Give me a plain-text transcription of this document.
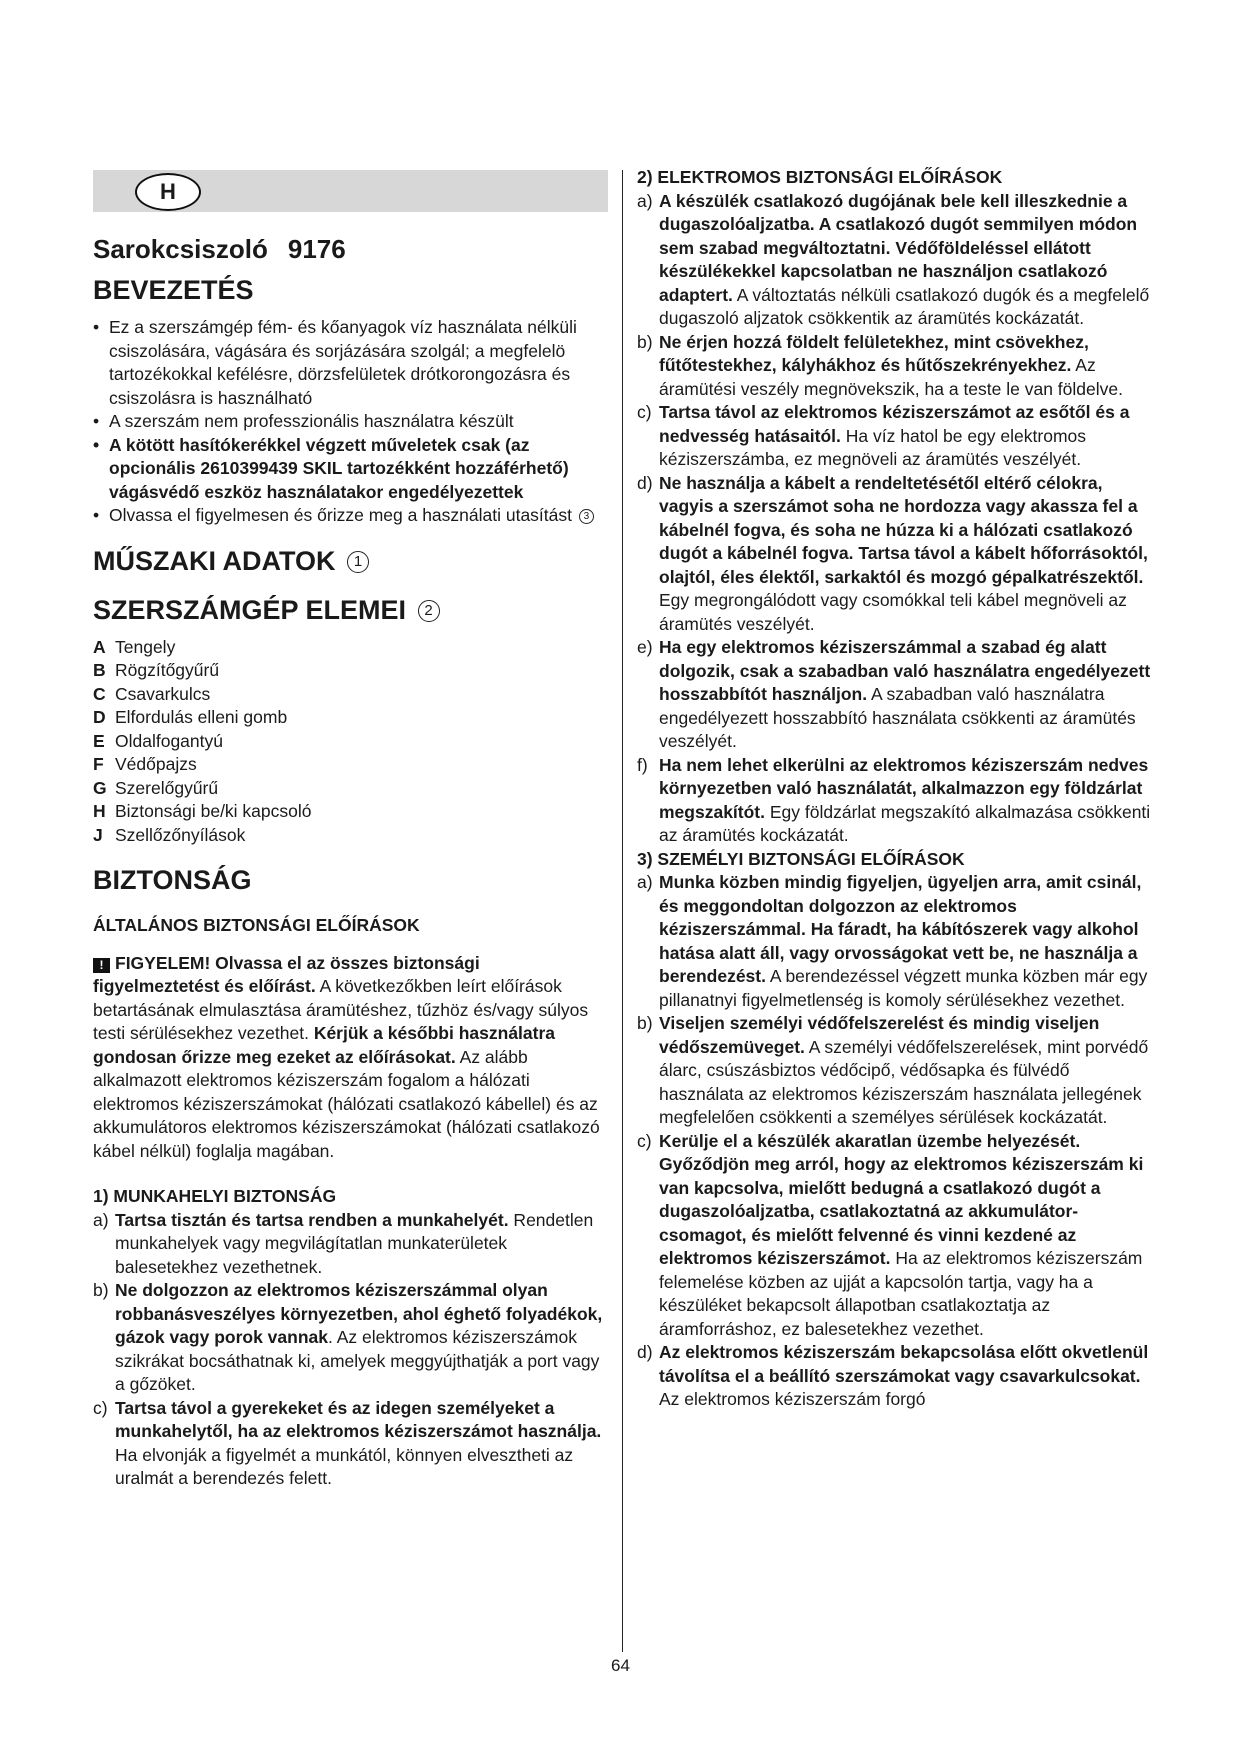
H
Sarokcsiszoló 9176
BEVEZETÉS
• Ez a szerszámgép fém- és kőanyagok víz használata nélküli csiszolására, vágására és sorjázására szolgál; a megfelelö tartozékokkal kefélésre, dörzsfelületek drótkorongozásra és csiszolásra is használható
• A szerszám nem professzionális használatra készült
• A kötött hasítókerékkel végzett műveletek csak (az opcionális 2610399439 SKIL tartozékként hozzáférhető) vágásvédő eszköz használatakor engedélyezettek
• Olvassa el figyelmesen és őrizze meg a használati utasítást 3
MŰSZAKI ADATOK 1
SZERSZÁMGÉP ELEMEI 2
A Tengely
B Rögzítőgyűrű
C Csavarkulcs
D Elfordulás elleni gomb
E Oldalfogantyú
F Védőpajzs
G Szerelőgyűrű
H Biztonsági be/ki kapcsoló
J Szellőzőnyílások
BIZTONSÁG
ÁLTALÁNOS BIZTONSÁGI ELŐÍRÁSOK

! FIGYELEM! Olvassa el az összes biztonsági figyelmeztetést és előírást. A következőkben leírt előírások betartásának elmulasztása áramütéshez, tűzhöz és/vagy súlyos testi sérülésekhez vezethet. Kérjük a későbbi használatra gondosan őrizze meg ezeket az előírásokat. Az alább alkalmazott elektromos kéziszerszám fogalom a hálózati elektromos kéziszerszámokat (hálózati csatlakozó kábellel) és az akkumulátoros elektromos kéziszerszámokat (hálózati csatlakozó kábel nélkül) foglalja magában.

1) MUNKAHELYI BIZTONSÁG
a) Tartsa tisztán és tartsa rendben a munkahelyét. Rendetlen munkahelyek vagy megvilágítatlan munkaterületek balesetekhez vezethetnek.
b) Ne dolgozzon az elektromos kéziszerszámmal olyan robbanásveszélyes környezetben, ahol éghető folyadékok, gázok vagy porok vannak. Az elektromos kéziszerszámok szikrákat bocsáthatnak ki, amelyek meggyújthatják a port vagy a gőzöket.
c) Tartsa távol a gyerekeket és az idegen személyeket a munkahelytől, ha az elektromos kéziszerszámot használja. Ha elvonják a figyelmét a munkától, könnyen elvesztheti az uralmát a berendezés felett.
2) ELEKTROMOS BIZTONSÁGI ELŐÍRÁSOK
a) A készülék csatlakozó dugójának bele kell illeszkednie a dugaszolóaljzatba. A csatlakozó dugót semmilyen módon sem szabad megváltoztatni. Védőföldeléssel ellátott készülékekkel kapcsolatban ne használjon csatlakozó adaptert. A változtatás nélküli csatlakozó dugók és a megfelelő dugaszoló aljzatok csökkentik az áramütés kockázatát.
b) Ne érjen hozzá földelt felületekhez, mint csövekhez, fűtőtestekhez, kályhákhoz és hűtőszekrényekhez. Az áramütési veszély megnövekszik, ha a teste le van földelve.
c) Tartsa távol az elektromos kéziszerszámot az esőtől és a nedvesség hatásaitól. Ha víz hatol be egy elektromos kéziszerszámba, ez megnöveli az áramütés veszélyét.
d) Ne használja a kábelt a rendeltetésétől eltérő célokra, vagyis a szerszámot soha ne hordozza vagy akassza fel a kábelnél fogva, és soha ne húzza ki a hálózati csatlakozó dugót a kábelnél fogva. Tartsa távol a kábelt hőforrásoktól, olajtól, éles élektől, sarkaktól és mozgó gépalkatrészektől. Egy megrongálódott vagy csomókkal teli kábel megnöveli az áramütés veszélyét.
e) Ha egy elektromos kéziszerszámmal a szabad ég alatt dolgozik, csak a szabadban való használatra engedélyezett hosszabbítót használjon. A szabadban való használatra engedélyezett hosszabbító használata csökkenti az áramütés veszélyét.
f) Ha nem lehet elkerülni az elektromos kéziszerszám nedves környezetben való használatát, alkalmazzon egy földzárlat megszakítót. Egy földzárlat megszakító alkalmazása csökkenti az áramütés kockázatát.
3) SZEMÉLYI BIZTONSÁGI ELŐÍRÁSOK
a) Munka közben mindig figyeljen, ügyeljen arra, amit csinál, és meggondoltan dolgozzon az elektromos kéziszerszámmal. Ha fáradt, ha kábítószerek vagy alkohol hatása alatt áll, vagy orvosságokat vett be, ne használja a berendezést. A berendezéssel végzett munka közben már egy pillanatnyi figyelmetlenség is komoly sérülésekhez vezethet.
b) Viseljen személyi védőfelszerelést és mindig viseljen védőszemüveget. A személyi védőfelszerelések, mint porvédő álarc, csúszásbiztos védőcipő, védősapka és fülvédő használata az elektromos kéziszerszám használata jellegének megfelelően csökkenti a személyes sérülések kockázatát.
c) Kerülje el a készülék akaratlan üzembe helyezését. Győződjön meg arról, hogy az elektromos kéziszerszám ki van kapcsolva, mielőtt bedugná a csatlakozó dugót a dugaszolóaljzatba, csatlakoztatná az akkumulátor-csomagot, és mielőtt felvenné és vinni kezdené az elektromos kéziszerszámot. Ha az elektromos kéziszerszám felemelése közben az ujját a kapcsolón tartja, vagy ha a készüléket bekapcsolt állapotban csatlakoztatja az áramforráshoz, ez balesetekhez vezethet.
d) Az elektromos kéziszerszám bekapcsolása előtt okvetlenül távolítsa el a beállító szerszámokat vagy csavarkulcsokat. Az elektromos kéziszerszám forgó
64
